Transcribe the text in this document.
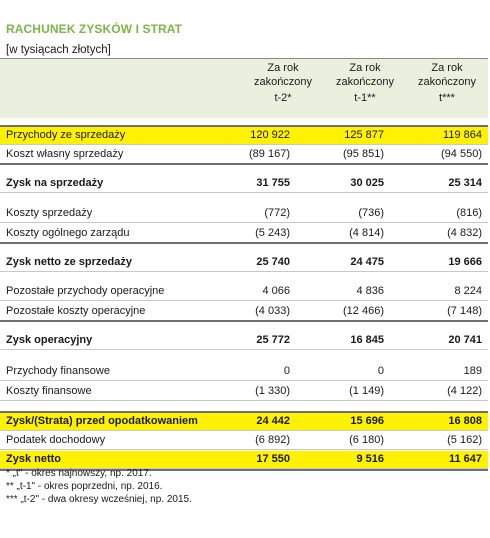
RACHUNEK ZYSKÓW I STRAT
[w tysiącach złotych]
Za rok
zakończony
t-2*
Za rok
zakończony
t-1**
Za rok
zakończony
t***
Przychody ze sprzedaży	120 922	125 877	119 864
Koszt własny sprzedaży	(89 167)	(95 851)	(94 550)
Zysk na sprzedaży	31 755	30 025	25 314
Koszty sprzedaży	(772)	(736)	(816)
Koszty ogólnego zarządu	(5 243)	(4 814)	(4 832)
Zysk netto ze sprzedaży	25 740	24 475	19 666
Pozostałe przychody operacyjne	4 066	4 836	8 224
Pozostałe koszty operacyjne	(4 033)	(12 466)	(7 148)
Zysk operacyjny	25 772	16 845	20 741
Przychody finansowe	0	0	189
Koszty finansowe	(1 330)	(1 149)	(4 122)
Zysk/(Strata) przed opodatkowaniem	24 442	15 696	16 808
Podatek dochodowy	(6 892)	(6 180)	(5 162)
Zysk netto	17 550	9 516	11 647
* „t" - okres najnowszy, np. 2017.
** „t-1" - okres poprzedni, np. 2016.
*** „t-2" - dwa okresy wcześniej, np. 2015.
